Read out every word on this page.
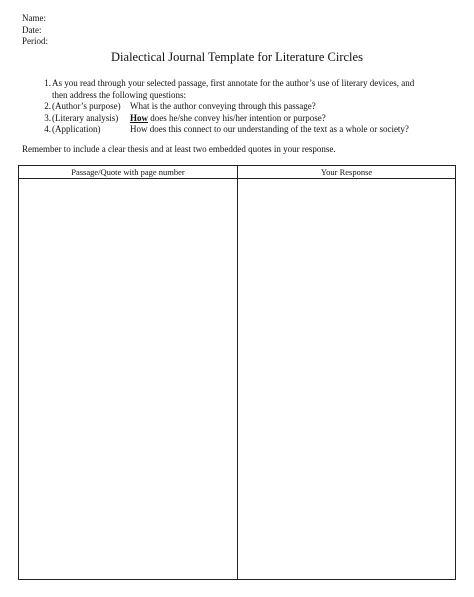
Name:
Date:
Period:
Dialectical Journal Template for Literature Circles
1. As you read through your selected passage, first annotate for the author’s use of literary devices, and
then address the following questions:
2. (Author’s purpose) What is the author conveying through this passage?
3. (Literary analysis) How does he/she convey his/her intention or purpose?
4. (Application)	How does this connect to our understanding of the text as a whole or society?
Remember to include a clear thesis and at least two embedded quotes in your response.
Passage/Quote with page number	Your Response
